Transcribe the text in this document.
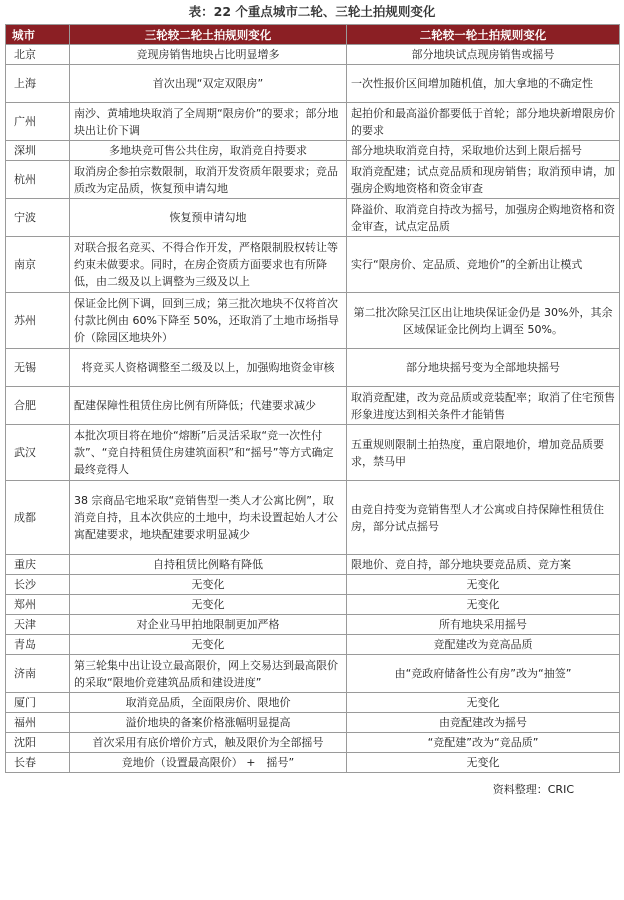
表：22 个重点城市二轮、三轮土拍规则变化
城市	三轮较二轮土拍规则变化	二轮较一轮土拍规则变化
北京	竞现房销售地块占比明显增多	部分地块试点现房销售或摇号
上海	首次出现“双定双限房”	一次性报价区间增加随机值，加大拿地的不确定性
广州	南沙、黄埔地块取消了全周期“限房价”的要求；部分地块出让价下调	起拍价和最高溢价都要低于首轮；部分地块新增限房价的要求
深圳	多地块竞可售公共住房，取消竞自持要求	部分地块取消竞自持，采取地价达到上限后摇号
杭州	取消房企参拍宗数限制，取消开发资质年限要求；竞品质改为定品质，恢复预申请勾地	取消竞配建；试点竞品质和现房销售；取消预申请，加强房企购地资格和资金审查
宁波	恢复预申请勾地	降溢价、取消竞自持改为摇号，加强房企购地资格和资金审查，试点定品质
南京	对联合报名竞买、不得合作开发，严格限制股权转让等约束未做要求。同时，在房企资质方面要求也有所降低，由二级及以上调整为三级及以上	实行“限房价、定品质、竞地价”的全新出让模式
苏州	保证金比例下调，回到三成；第三批次地块不仅将首次付款比例由 60%下降至 50%，还取消了土地市场指导价（除园区地块外）	第二批次除吴江区出让地块保证金仍是 30%外，其余区域保证金比例均上调至 50%。
无锡	将竞买人资格调整至二级及以上，加强购地资金审核	部分地块摇号变为全部地块摇号
合肥	配建保障性租赁住房比例有所降低；代建要求减少	取消竞配建，改为竞品质或竞装配率；取消了住宅预售形象进度达到相关条件才能销售
武汉	本批次项目将在地价“熔断”后灵活采取“竞一次性付款”、“竞自持租赁住房建筑面积”和“摇号”等方式确定最终竞得人	五重规则限制土拍热度，重启限地价，增加竞品质要求，禁马甲
成都	38 宗商品宅地采取“竞销售型一类人才公寓比例”，取消竞自持，且本次供应的土地中，均未设置起始人才公寓配建要求，地块配建要求明显减少	由竞自持变为竞销售型人才公寓或自持保障性租赁住房，部分试点摇号
重庆	自持租赁比例略有降低	限地价、竞自持，部分地块要竞品质、竞方案
长沙	无变化	无变化
郑州	无变化	无变化
天津	对企业马甲拍地限制更加严格	所有地块采用摇号
青岛	无变化	竞配建改为竞高品质
济南	第三轮集中出让设立最高限价，网上交易达到最高限价的采取“限地价竞建筑品质和建设进度”	由“竞政府储备性公有房”改为“抽签”
厦门	取消竞品质，全面限房价、限地价	无变化
福州	溢价地块的备案价格涨幅明显提高	由竞配建改为摇号
沈阳	首次采用有底价增价方式，触及限价为全部摇号	“竞配建”改为“竞品质”
长春	竞地价（设置最高限价） +　摇号”	无变化
资料整理：CRIC
